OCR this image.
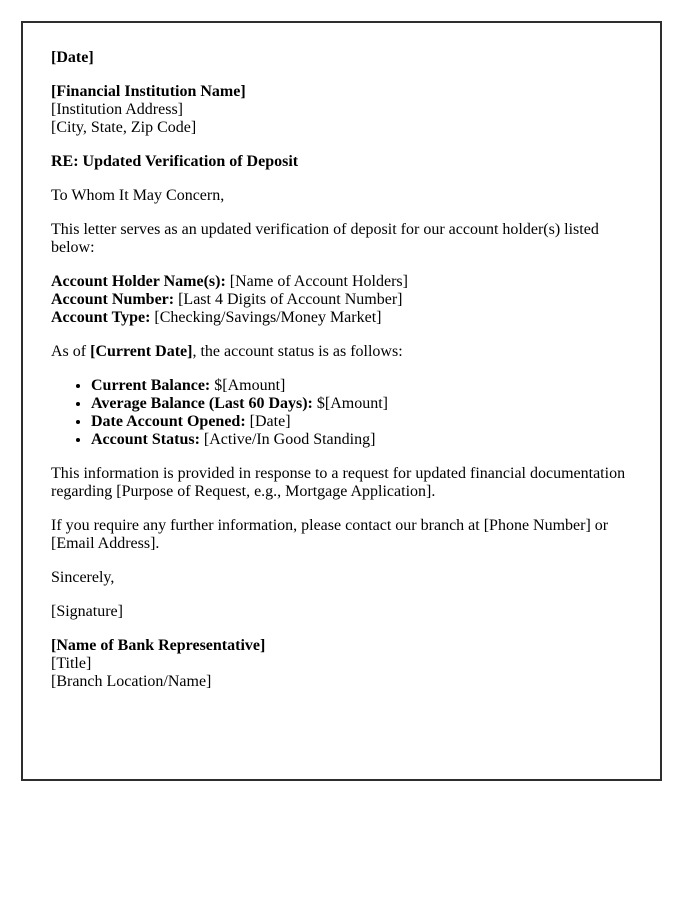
[Date]

[Financial Institution Name]
[Institution Address]
[City, State, Zip Code]

RE: Updated Verification of Deposit

To Whom It May Concern,

This letter serves as an updated verification of deposit for our account holder(s) listed below:

Account Holder Name(s): [Name of Account Holders]
Account Number: [Last 4 Digits of Account Number]
Account Type: [Checking/Savings/Money Market]

As of [Current Date], the account status is as follows:

• Current Balance: $[Amount]
• Average Balance (Last 60 Days): $[Amount]
• Date Account Opened: [Date]
• Account Status: [Active/In Good Standing]

This information is provided in response to a request for updated financial documentation regarding [Purpose of Request, e.g., Mortgage Application].

If you require any further information, please contact our branch at [Phone Number] or [Email Address].

Sincerely,

[Signature]

[Name of Bank Representative]
[Title]
[Branch Location/Name]
